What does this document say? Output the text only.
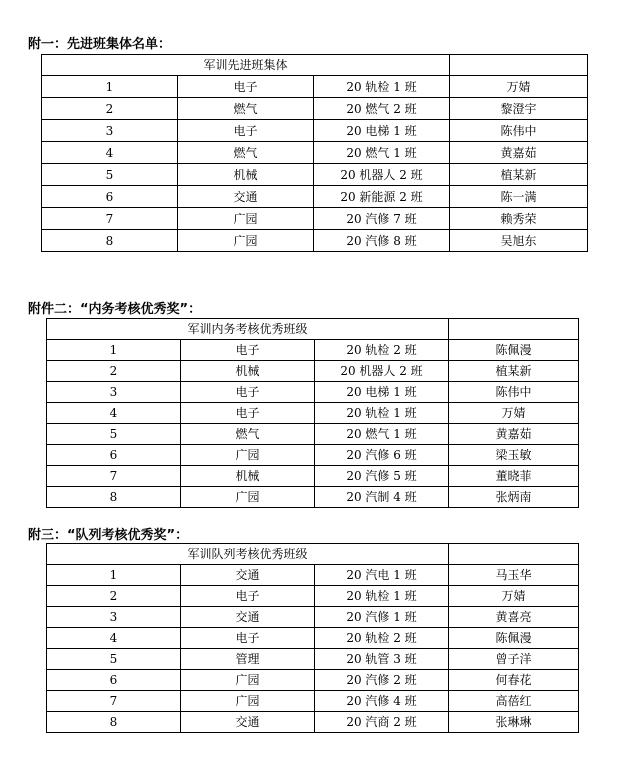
附一：先进班集体名单：
军训先进班集体			
1	电子	20 轨检 1 班	万婧
2	燃气	20 燃气 2 班	黎澄宇
3	电子	20 电梯 1 班	陈伟中
4	燃气	20 燃气 1 班	黄嘉茹
5	机械	20 机器人 2 班	植某新
6	交通	20 新能源 2 班	陈一满
7	广园	20 汽修 7 班	赖秀荣
8	广园	20 汽修 8 班	吴旭东
附件二：“内务考核优秀奖”：
军训内务考核优秀班级			
1	电子	20 轨检 2 班	陈佩漫
2	机械	20 机器人 2 班	植某新
3	电子	20 电梯 1 班	陈伟中
4	电子	20 轨检 1 班	万婧
5	燃气	20 燃气 1 班	黄嘉茹
6	广园	20 汽修 6 班	梁玉敏
7	机械	20 汽修 5 班	董晓菲
8	广园	20 汽制 4 班	张炳南
附三：“队列考核优秀奖”：
军训队列考核优秀班级			
1	交通	20 汽电 1 班	马玉华
2	电子	20 轨检 1 班	万婧
3	交通	20 汽修 1 班	黄喜亮
4	电子	20 轨检 2 班	陈佩漫
5	管理	20 轨管 3 班	曾子洋
6	广园	20 汽修 2 班	何春花
7	广园	20 汽修 4 班	高蓓红
8	交通	20 汽商 2 班	张琳琳
